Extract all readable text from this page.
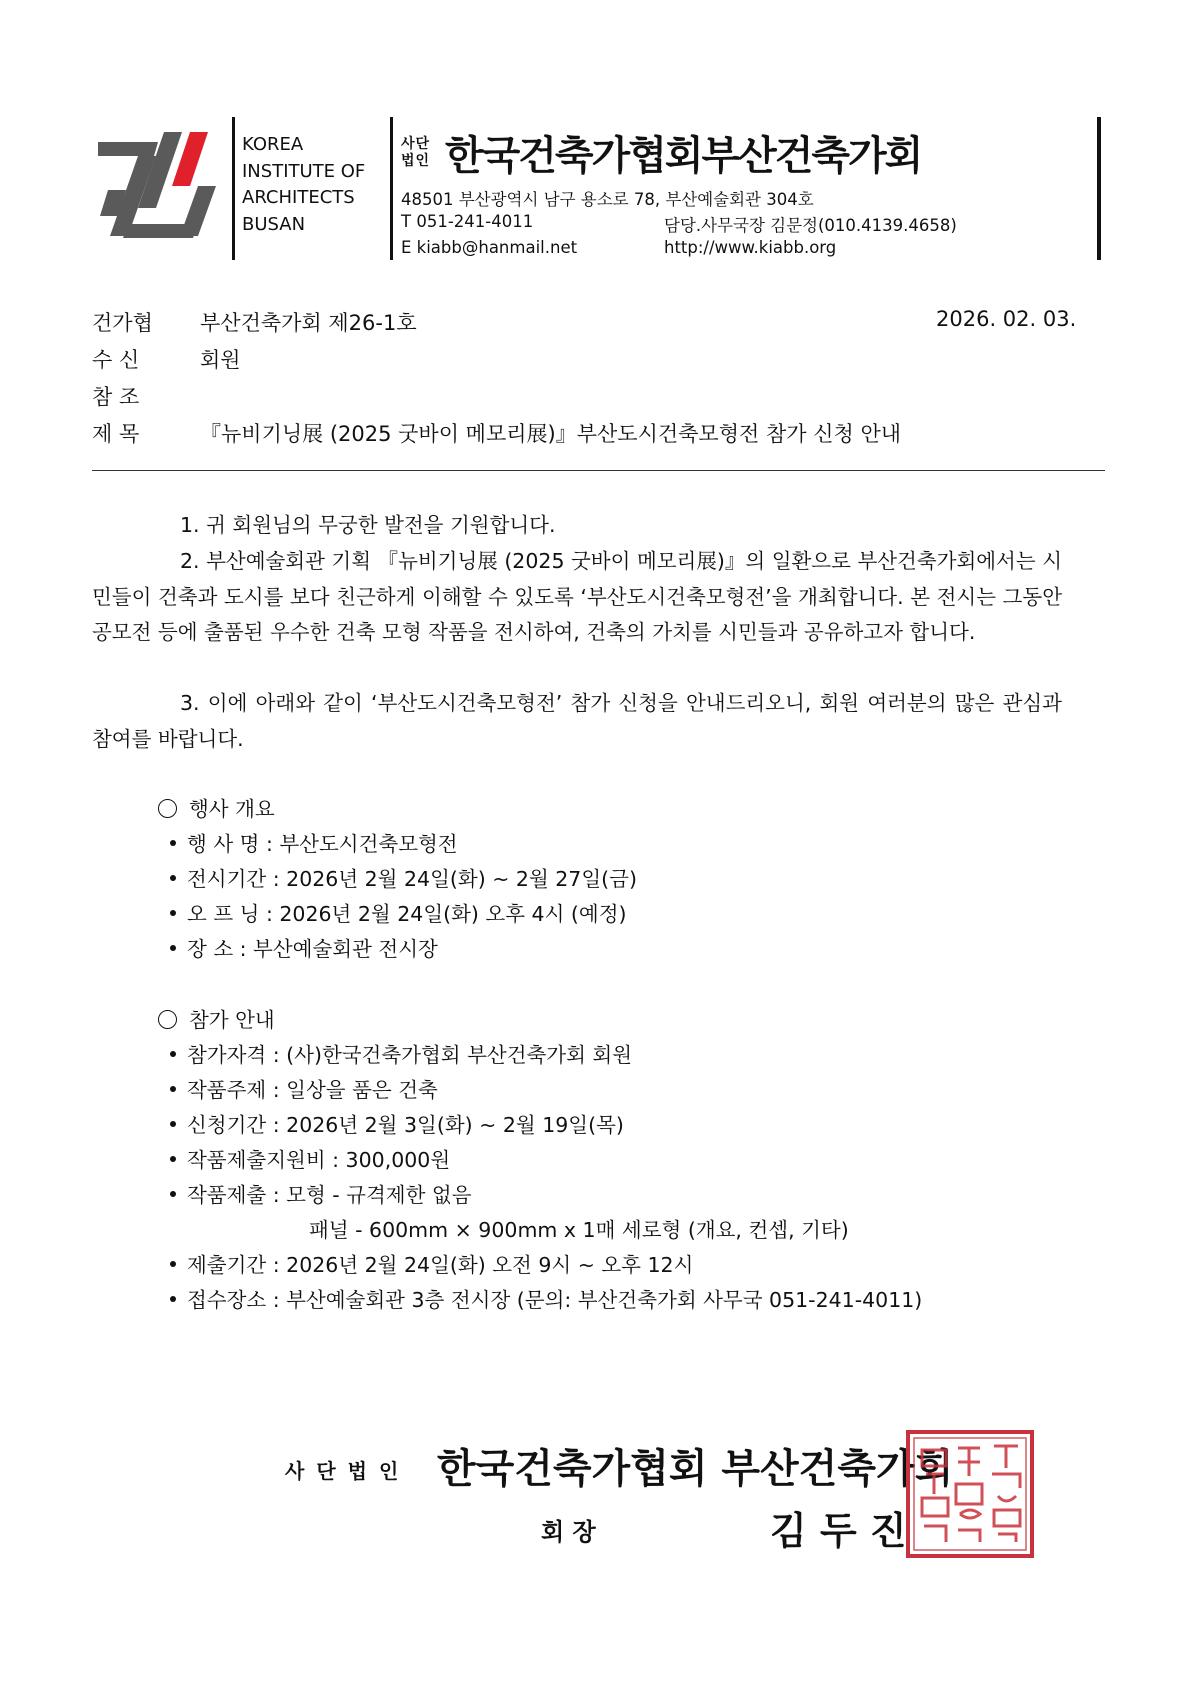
KOREA
INSTITUTE OF
ARCHITECTS
BUSAN
사단
법인 한국건축가협회부산건축가회
48501 부산광역시 남구 용소로 78, 부산예술회관 304호
T 051-241-4011	담당.사무국장 김문정(010.4139.4658)
E kiabb@hanmail.net	http://www.kiabb.org
건가협 부산건축가회 제26-1호	2026. 02. 03.
수 신	회원
참 조
제 목	『뉴비기닝展 (2025 굿바이 메모리展)』부산도시건축모형전 참가 신청 안내
1. 귀 회원님의 무궁한 발전을 기원합니다.
2. 부산예술회관 기획 『뉴비기닝展 (2025 굿바이 메모리展)』의 일환으로 부산건축가회에서는 시민들이 건축과 도시를 보다 친근하게 이해할 수 있도록 ‘부산도시건축모형전’을 개최합니다. 본 전시는 그동안 공모전 등에 출품된 우수한 건축 모형 작품을 전시하여, 건축의 가치를 시민들과 공유하고자 합니다.
3. 이에 아래와 같이 ‘부산도시건축모형전’ 참가 신청을 안내드리오니, 회원 여러분의 많은 관심과 참여를 바랍니다.
행사 개요
행 사 명 : 부산도시건축모형전
전시기간 : 2026년 2월 24일(화) ~ 2월 27일(금)
오 프 닝 : 2026년 2월 24일(화) 오후 4시 (예정)
장 소 : 부산예술회관 전시장
참가 안내
참가자격 : (사)한국건축가협회 부산건축가회 회원
작품주제 : 일상을 품은 건축
신청기간 : 2026년 2월 3일(화) ~ 2월 19일(목)
작품제출지원비 : 300,000원
작품제출 : 모형 - 규격제한 없음
패널 - 600mm × 900mm x 1매 세로형 (개요, 컨셉, 기타)
제출기간 : 2026년 2월 24일(화) 오전 9시 ~ 오후 12시
접수장소 : 부산예술회관 3층 전시장 (문의: 부산건축가회 사무국 051-241-4011)
사단법인 한국건축가협회 부산건축가회
회 장	김 두 진
